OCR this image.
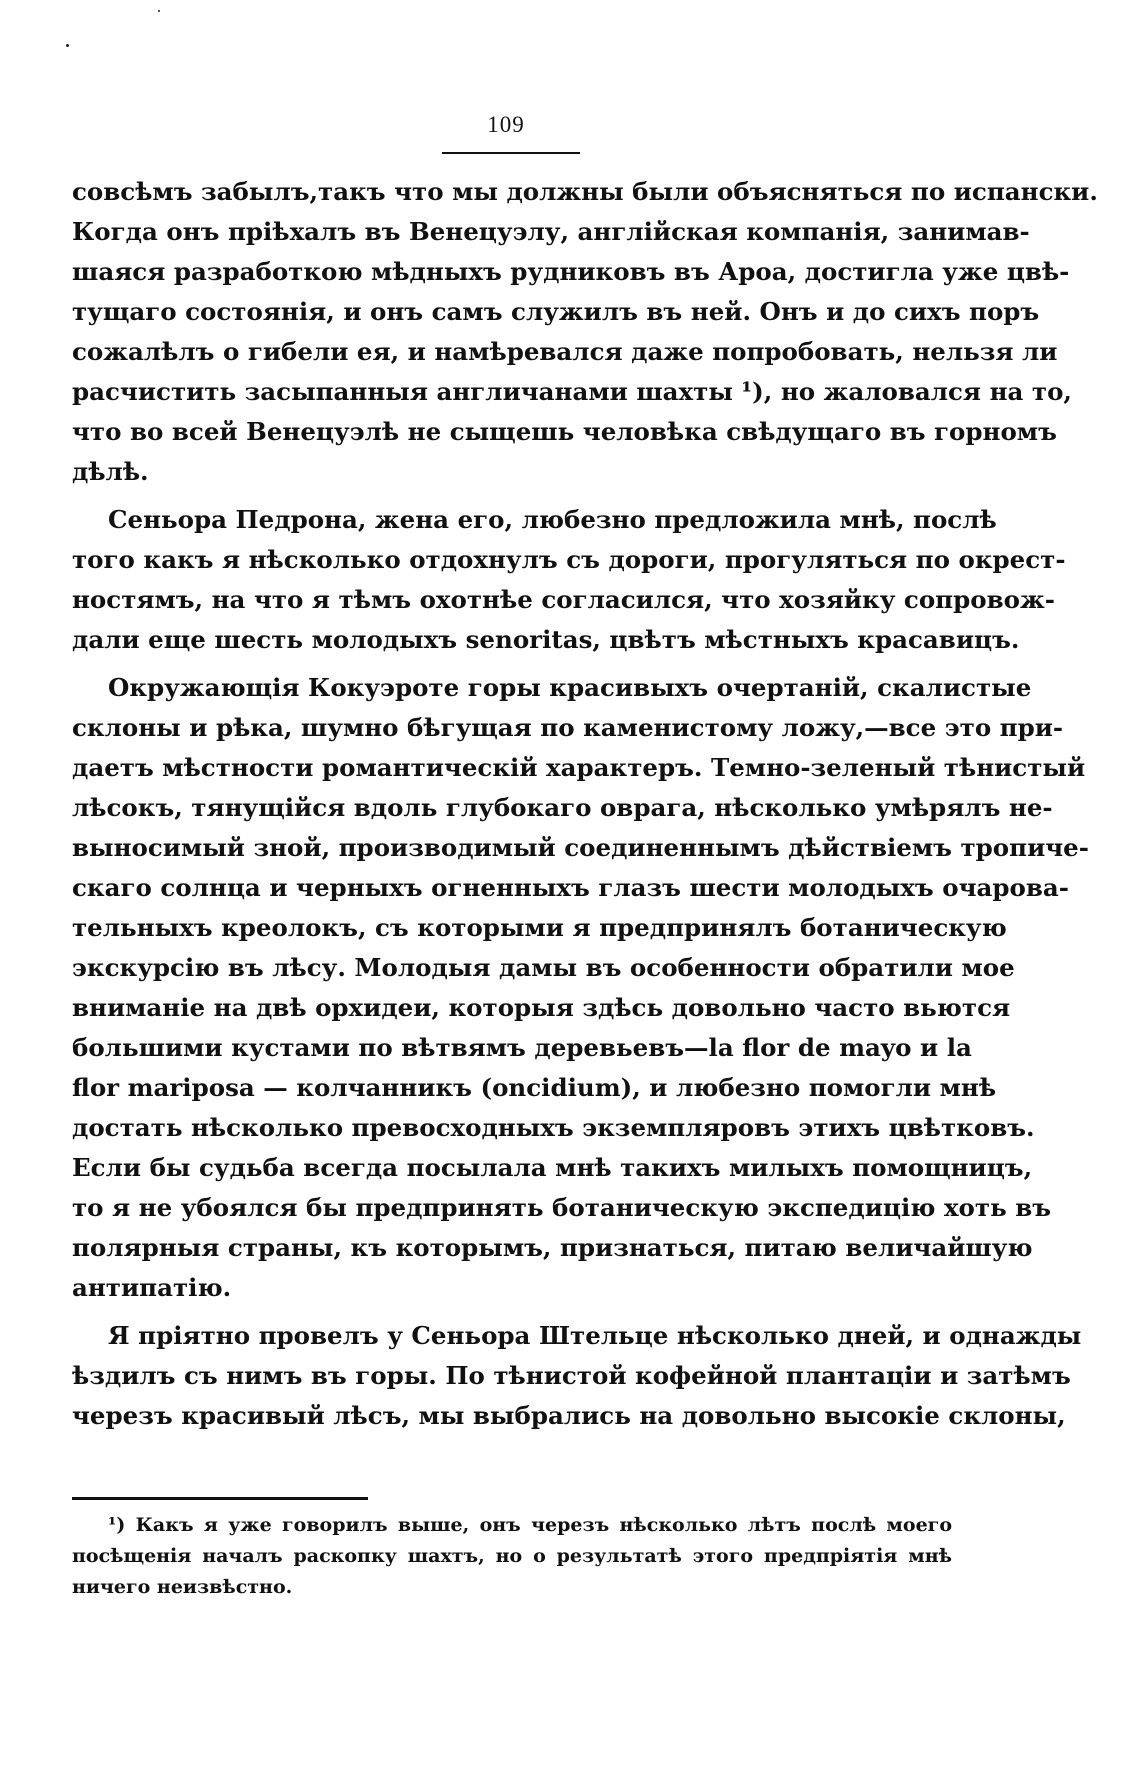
109
совсѣмъ забылъ,такъ что мы должны были объясняться по испански.
Когда онъ пріѣхалъ въ Венецуэлу, англійская компанія, занимав-
шаяся разработкою мѣдныхъ рудниковъ въ Ароа, достигла уже цвѣ-
тущаго состоянія, и онъ самъ служилъ въ ней. Онъ и до сихъ поръ
сожалѣлъ о гибели ея, и намѣревался даже попробовать, нельзя ли
расчистить засыпанныя англичанами шахты ¹), но жаловался на то,
что во всей Венецуэлѣ не сыщешь человѣка свѣдущаго въ горномъ
дѣлѣ.
Сеньора Педрона, жена его, любезно предложила мнѣ, послѣ
того какъ я нѣсколько отдохнулъ съ дороги, прогуляться по окрест-
ностямъ, на что я тѣмъ охотнѣе согласился, что хозяйку сопровож-
дали еще шесть молодыхъ senoritas, цвѣтъ мѣстныхъ красавицъ.
Окружающія Кокуэроте горы красивыхъ очертаній, скалистые
склоны и рѣка, шумно бѣгущая по каменистому ложу,—все это при-
даетъ мѣстности романтическій характеръ. Темно-зеленый тѣнистый
лѣсокъ, тянущійся вдоль глубокаго оврага, нѣсколько умѣрялъ не-
выносимый зной, производимый соединеннымъ дѣйствіемъ тропиче-
скаго солнца и черныхъ огненныхъ глазъ шести молодыхъ очарова-
тельныхъ креолокъ, съ которыми я предпринялъ ботаническую
экскурсію въ лѣсу. Молодыя дамы въ особенности обратили мое
вниманіе на двѣ орхидеи, которыя здѣсь довольно часто вьются
большими кустами по вѣтвямъ деревьевъ—la flor de mayo и la
flor mariposa — колчанникъ (oncidium), и любезно помогли мнѣ
достать нѣсколько превосходныхъ экземпляровъ этихъ цвѣтковъ.
Если бы судьба всегда посылала мнѣ такихъ милыхъ помощницъ,
то я не убоялся бы предпринять ботаническую экспедицію хоть въ
полярныя страны, къ которымъ, признаться, питаю величайшую
антипатію.
Я пріятно провелъ у Сеньора Штельце нѣсколько дней, и однажды
ѣздилъ съ нимъ въ горы. По тѣнистой кофейной плантаціи и затѣмъ
черезъ красивый лѣсъ, мы выбрались на довольно высокіе склоны,
¹) Какъ я уже говорилъ выше, онъ черезъ нѣсколько лѣтъ послѣ моего
посѣщенія началъ раскопку шахтъ, но о результатѣ этого предпріятія мнѣ
ничего неизвѣстно.
